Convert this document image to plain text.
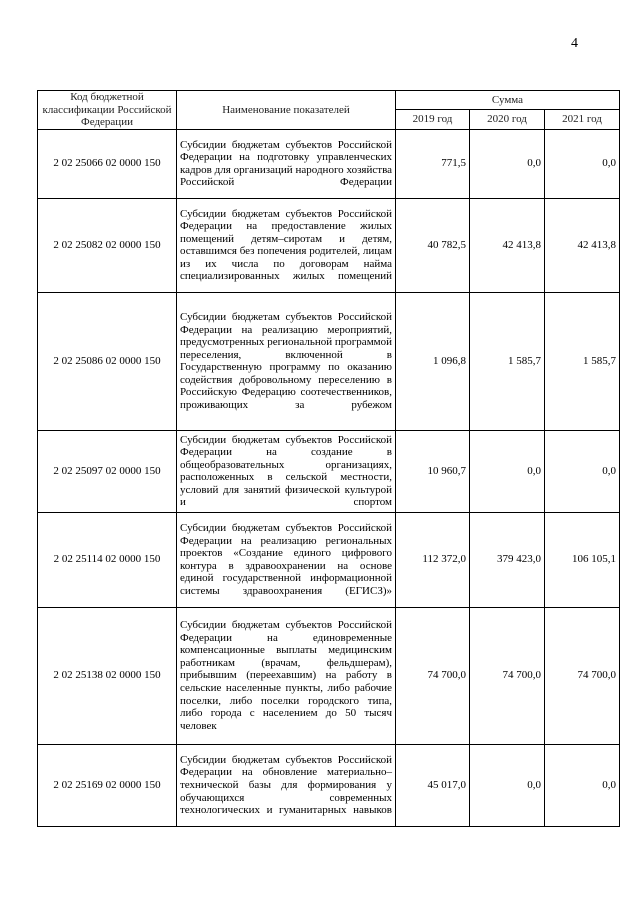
4
Код бюджетной классификации Российской Федерации	Наименование показателей	Сумма		
		2019 год	2020 год	2021 год
2 02 25066 02 0000 150	Субсидии бюджетам субъектов Российской Федерации на подготовку управленческих кадров для организаций народного хозяйства Российской Федерации	771,5	0,0	0,0
2 02 25082 02 0000 150	Субсидии бюджетам субъектов Российской Федерации на предоставление жилых помещений детям–сиротам и детям, оставшимся без попечения родителей, лицам из их числа по договорам найма специализированных жилых помещений	40 782,5	42 413,8	42 413,8
2 02 25086 02 0000 150	Субсидии бюджетам субъектов Российской Федерации на реализацию мероприятий, предусмотренных региональной программой переселения, включенной в Государственную программу по оказанию содействия добровольному переселению в Российскую Федерацию соотечественников, проживающих за рубежом	1 096,8	1 585,7	1 585,7
2 02 25097 02 0000 150	Субсидии бюджетам субъектов Российской Федерации на создание в общеобразовательных организациях, расположенных в сельской местности, условий для занятий физической культурой и спортом	10 960,7	0,0	0,0
2 02 25114 02 0000 150	Субсидии бюджетам субъектов Российской Федерации на реализацию региональных проектов «Создание единого цифрового контура в здравоохранении на основе единой государственной информационной системы здравоохранения (ЕГИСЗ)»	112 372,0	379 423,0	106 105,1
2 02 25138 02 0000 150	Субсидии бюджетам субъектов Российской Федерации на единовременные компенсационные выплаты медицинским работникам (врачам, фельдшерам), прибывшим (переехавшим) на работу в сельские населенные пункты, либо рабочие поселки, либо поселки городского типа, либо города с населением до 50 тысяч человек	74 700,0	74 700,0	74 700,0
2 02 25169 02 0000 150	Субсидии бюджетам субъектов Российской Федерации на обновление материально–технической базы для формирования у обучающихся современных технологических и гуманитарных навыков	45 017,0	0,0	0,0
